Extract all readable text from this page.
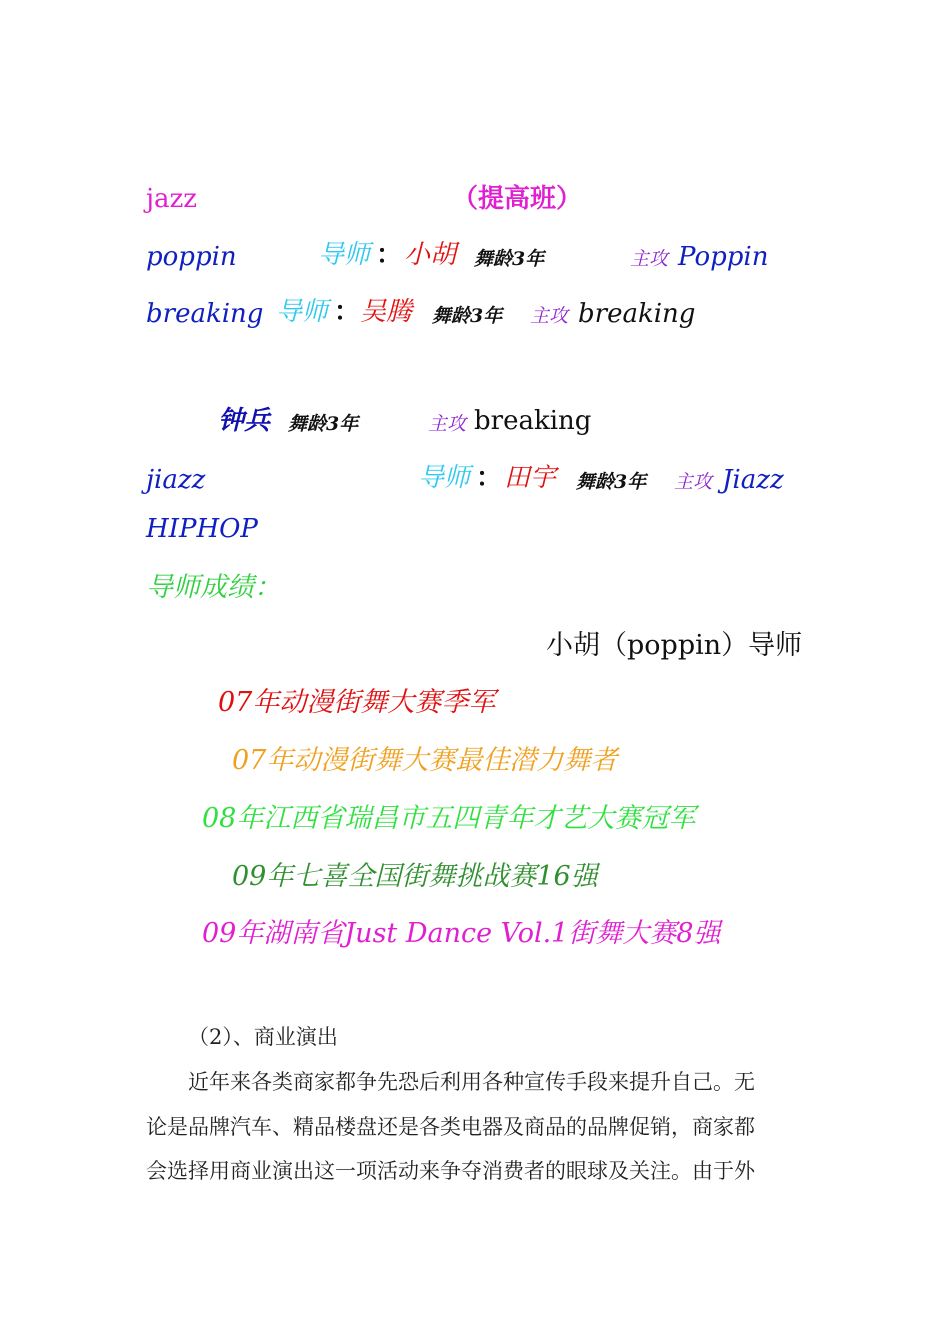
jazz	（提高班）
poppin	导师 ： 小胡 舞龄3年	主攻 Poppin
breaking 导师 ： 吴腾 舞龄3年 主攻 breaking
钟兵 舞龄3年	主攻 breaking
jiazz	导师 ： 田宇 舞龄3年 主攻 Jiazz
HIPHOP
导师成绩：
小胡（poppin）导师
07年动漫街舞大赛季军
07年动漫街舞大赛最佳潜力舞者
08年江西省瑞昌市五四青年才艺大赛冠军
09年七喜全国街舞挑战赛16强
09年湖南省Just Dance Vol.1街舞大赛8强
（2）、商业演出
近年来各类商家都争先恐后利用各种宣传手段来提升自己。无
论是品牌汽车、精品楼盘还是各类电器及商品的品牌促销，商家都
会选择用商业演出这一项活动来争夺消费者的眼球及关注。由于外
